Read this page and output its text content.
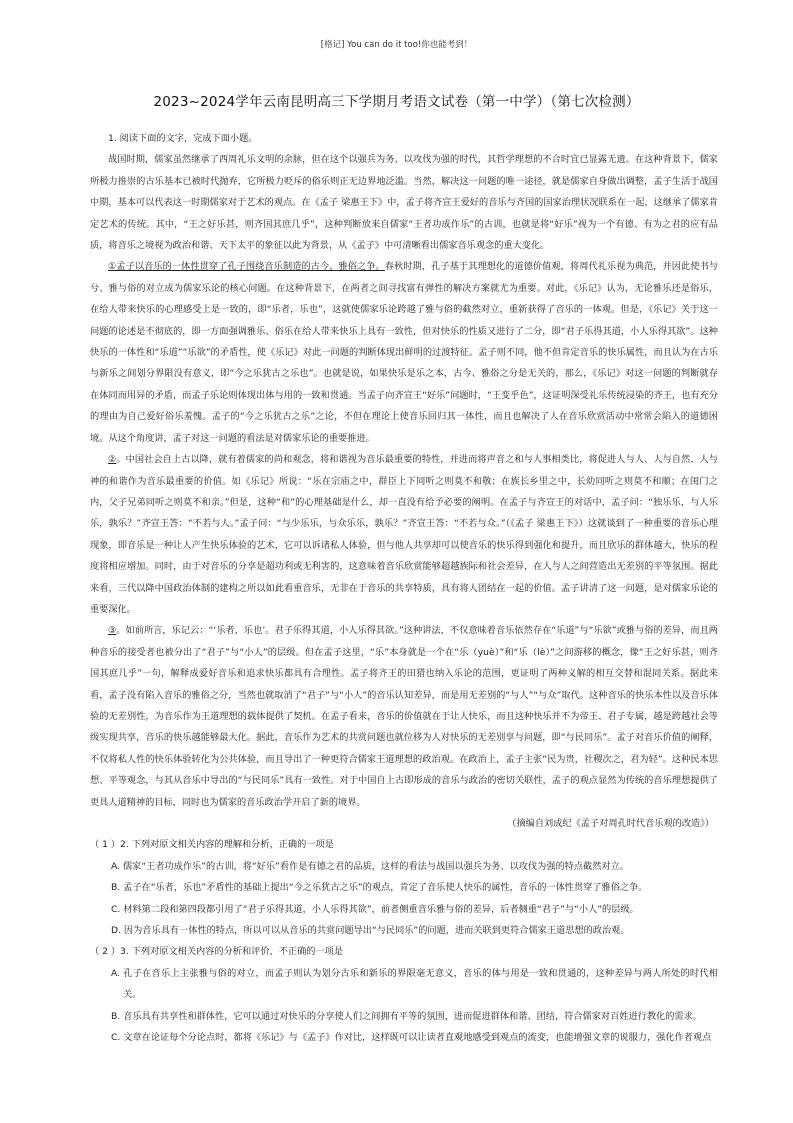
[格记] You can do it too!你也能考到！
2023~2024学年云南昆明高三下学期月考语文试卷（第一中学）（第七次检测）

1. 阅读下面的文字，完成下面小题。

战国时期，儒家虽然继承了西周礼乐文明的余脉，但在这个以强兵为务、以攻伐为强的时代，其哲学理想的不合时宜已显露无遗。在这种背景下，儒家所极力推崇的古乐基本已被时代抛弃，它所极力贬斥的俗乐则正无边界地泛滥。当然，解决这一问题的唯一途径，就是儒家自身做出调整，孟子生活于战国中期，基本可以代表这一时期儒家对于艺术的观点。在《孟子 梁惠王下》中，孟子将齐宣王爱好的音乐与齐国的国家治理状况联系在一起，这继承了儒家肯定艺术的传统。其中，“王之好乐甚，则齐国其庶几乎”，这种判断放来自儒家“王者功成作乐”的古训，也就是将“好乐”视为一个有德、有为之君的应有品质，将音乐之境视为政治和谐、天下太平的象征以此为背景，从《孟子》中可清晰看出儒家音乐观念的重大变化。

①孟子以音乐的一体性贯穿了孔子围绕音乐制造的古今、雅俗之争。春秋时期，孔子基于其理想化的道德价值观，将周代礼乐视为典范，并因此使书与兮、雅与俗的对立成为儒家乐论的核心问题。在这种背景下，在两者之间寻找富有弹性的解决方案就尤为重要。对此，《乐记》认为，无论雅乐还是俗乐，在给人带来快乐的心理感受上是一致的，即“乐者，乐也”，这就使儒家乐论跨越了雅与俗的截然对立，重新获得了音乐的一体观。但是，《乐记》关于这一问题的论述是不彻底的，即一方面强调雅乐、俗乐在给人带来快乐上具有一致性，但对快乐的性质又进行了二分，即“君子乐得其道，小人乐得其欲”。这种快乐的一体性和“乐道”“乐欲”的矛盾性，使《乐记》对此一问题的判断体现出鲜明的过渡特征。孟子则不同，他不但肯定音乐的快乐属性，而且认为在古乐与新乐之间划分界限没有意义，即“今之乐犹古之乐也”。也就是说，如果快乐是乐之本，古今、雅俗之分是无关的，那么，《乐记》对这一问题的判断就存在体同而用异的矛盾，而孟子乐论则体现出体与用的一致和贯通。当孟子向齐宣王“好乐”问题时，“王变乎色”，这证明深受礼乐传统浸染的齐王，也有充分的理由为自己爱好俗乐羞愧。孟子的“今之乐犹古之乐”之论，不但在理论上使音乐回归其一体性，而且也解决了人在音乐欣赏活动中常常会陷入的道德困境。从这个角度讲，孟子对这一问题的看法是对儒家乐论的重要推进。

②。中国社会自上古以降，就有着儒家的尚和观念，将和谐视为音乐最重要的特性，并进而将声音之和与人事相类比，将促进人与人、人与自然、人与神的和谐作为音乐最重要的价值。如《乐记》所说：“乐在宗庙之中，群臣上下同听之则莫不和敬；在族长乡里之中，长幼同听之则莫不和顺；在闺门之内，父子兄弟同听之则莫不和亲。”但是，这种“和”的心理基础是什么，却一直没有给予必要的阐明。在孟子与齐宣王的对话中，孟子问：“独乐乐，与人乐乐，孰乐？”齐宣王答：“不若与人。”孟子问：“与少乐乐，与众乐乐，孰乐？”齐宣王答：“不若与众。”（《孟子 梁惠王下》）这就谈到了一种重要的音乐心理现象，即音乐是一种让人产生快乐体验的艺术，它可以诉诸私人体验，但与他人共享却可以使音乐的快乐得到强化和提升，而且欣乐的群体越大，快乐的程度将相应增加。同时，由于对音乐的分享是超功利或无利害的，这意味着音乐欣赏能够超越族际和社会差异，在人与人之间营造出无差别的平等氛围。据此来看，三代以降中国政治体制的建构之所以如此看重音乐，无非在于音乐的共享特质，具有将人团结在一起的价值。孟子讲清了这一问题，是对儒家乐论的重要深化。

③。如前所言，乐记云：“‘乐者，乐也’。君子乐得其道，小人乐得其欲。”这种讲法，不仅意味着音乐依然存在“乐道”与“乐欲”或雅与俗的差异，而且两种音乐的接受者也被分出了“君子”与“小人”的层级。但在孟子这里，“乐”本身就是一个在“乐（yuè）”和“乐（lè）”之间游移的概念，像“王之好乐甚，则齐国其庶几乎”一句，解释成爱好音乐和追求快乐都具有合理性。孟子将齐王的田猎也纳入乐论的范围，更证明了两种义解的相互交替和混同关系。据此来看，孟子没有陷入音乐的雅俗之分，当然也就取消了“君子”与“小人”的音乐认知差异，而是用无差别的“与人”“与众”取代。这种音乐的快乐本性以及音乐体验的无差别性，为音乐作为王道理想的载体提供了契机。在孟子看来，音乐的价值就在于让人快乐，而且这种快乐并不为帝王、君子专属，越是跨越社会等级实现共享，音乐的快乐越能够最大化。据此，音乐作为艺术的共赏问题也就位移为人对快乐的无差别享与问题，即“与民同乐”。孟子对音乐价值的阐释，不仅将私人性的快乐体验转化为公共体验，而且导出了一种更符合儒家王道理想的政治观。在政治上，孟子主张“民为贵，社稷次之，君为轻”。这种民本思想、平等观念，与其从音乐中导出的“与民同乐”具有一致性。对于中国自上古即形成的音乐与政治的密切关联性，孟子的观点显然为传统的音乐理想提供了更具人道精神的目标，同时也为儒家的音乐政治学开启了新的境界。

（摘编自刘成纪《孟子对周孔时代音乐观的改造》）

（ 1 ）2. 下列对原文相关内容的理解和分析，正确的一项是

A. 儒家“王者功成作乐”的古训，将“好乐”看作是有德之君的品质，这样的看法与战国以强兵为务、以攻伐为强的特点截然对立。

B. 孟子在“乐者，乐也”矛盾性的基础上提出“今之乐犹古之乐”的观点，肯定了音乐使人快乐的属性，音乐的一体性贯穿了雅俗之争。

C. 材料第二段和第四段都引用了“君子乐得其道，小人乐得其欲”，前者侧重音乐雅与俗的差异，后者侧重“君子”与“小人”的层级。

D. 因为音乐具有一体性的特点，所以可以从音乐的共赏问题导出“与民同乐”的问题，进而关联到更符合儒家王道思想的政治观。

（ 2 ）3. 下列对原文相关内容的分析和评价，不正确的一项是

A. 孔子在音乐上主张雅与俗的对立，而孟子则认为划分古乐和新乐的界限毫无意义，音乐的体与用是一致和贯通的，这种差异与两人所处的时代相关。

B. 音乐具有共享性和群体性，它可以通过对快乐的分享使人们之间拥有平等的氛围，进而促进群体和谐、团结，符合儒家对百姓进行教化的需求。

C. 文章在论证每个分论点时，都将《乐记》与《孟子》作对比，这样既可以让读者直观地感受到观点的流变，也能增强文章的说服力，强化作者观点
